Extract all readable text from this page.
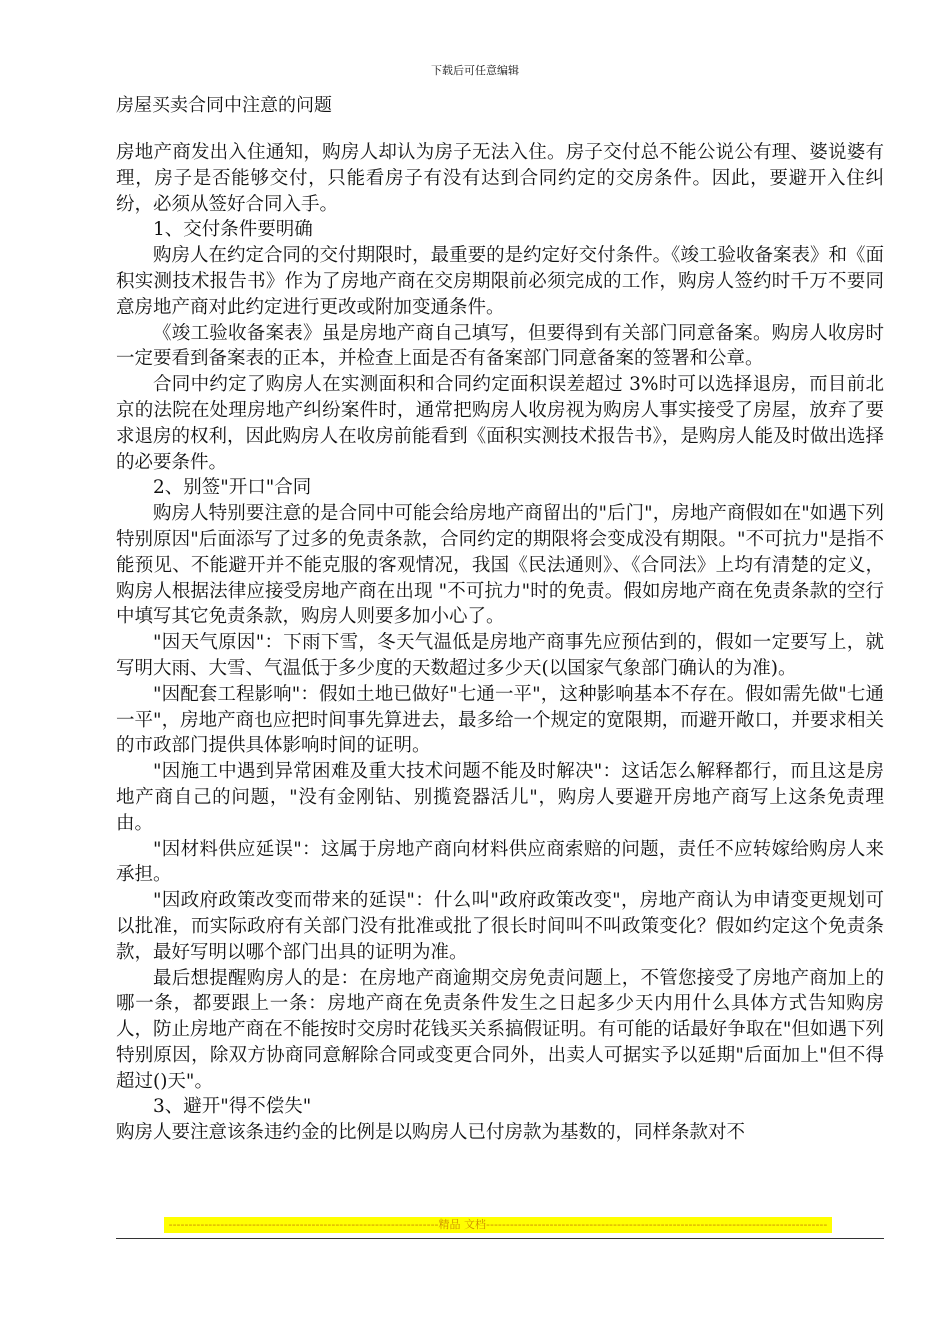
下载后可任意编辑
房屋买卖合同中注意的问题

房地产商发出入住通知，购房人却认为房子无法入住。房子交付总不能公说公有理、婆说婆有理，房子是否能够交付，只能看房子有没有达到合同约定的交房条件。因此，要避开入住纠纷，必须从签好合同入手。

1、交付条件要明确

购房人在约定合同的交付期限时，最重要的是约定好交付条件。《竣工验收备案表》和《面积实测技术报告书》作为了房地产商在交房期限前必须完成的工作，购房人签约时千万不要同意房地产商对此约定进行更改或附加变通条件。

《竣工验收备案表》虽是房地产商自己填写，但要得到有关部门同意备案。购房人收房时一定要看到备案表的正本，并检查上面是否有备案部门同意备案的签署和公章。

合同中约定了购房人在实测面积和合同约定面积误差超过 3%时可以选择退房，而目前北京的法院在处理房地产纠纷案件时，通常把购房人收房视为购房人事实接受了房屋，放弃了要求退房的权利，因此购房人在收房前能看到《面积实测技术报告书》，是购房人能及时做出选择的必要条件。

2、别签"开口"合同

购房人特别要注意的是合同中可能会给房地产商留出的"后门"，房地产商假如在"如遇下列特别原因"后面添写了过多的免责条款，合同约定的期限将会变成没有期限。"不可抗力"是指不能预见、不能避开并不能克服的客观情况，我国《民法通则》、《合同法》上均有清楚的定义，购房人根据法律应接受房地产商在出现 "不可抗力"时的免责。假如房地产商在免责条款的空行中填写其它免责条款，购房人则要多加小心了。

"因天气原因"：下雨下雪，冬天气温低是房地产商事先应预估到的，假如一定要写上，就写明大雨、大雪、气温低于多少度的天数超过多少天(以国家气象部门确认的为准)。

"因配套工程影响"：假如土地已做好"七通一平"，这种影响基本不存在。假如需先做"七通一平"，房地产商也应把时间事先算进去，最多给一个规定的宽限期，而避开敞口，并要求相关的市政部门提供具体影响时间的证明。

"因施工中遇到异常困难及重大技术问题不能及时解决"：这话怎么解释都行，而且这是房地产商自己的问题，"没有金刚钻、别揽瓷器活儿"，购房人要避开房地产商写上这条免责理由。

"因材料供应延误"：这属于房地产商向材料供应商索赔的问题，责任不应转嫁给购房人来承担。

"因政府政策改变而带来的延误"：什么叫"政府政策改变"，房地产商认为申请变更规划可以批准，而实际政府有关部门没有批准或批了很长时间叫不叫政策变化？假如约定这个免责条款，最好写明以哪个部门出具的证明为准。

最后想提醒购房人的是：在房地产商逾期交房免责问题上，不管您接受了房地产商加上的哪一条，都要跟上一条：房地产商在免责条件发生之日起多少天内用什么具体方式告知购房人，防止房地产商在不能按时交房时花钱买关系搞假证明。有可能的话最好争取在"但如遇下列特别原因，除双方协商同意解除合同或变更合同外，出卖人可据实予以延期"后面加上"但不得超过()天"。

3、避开"得不偿失"

购房人要注意该条违约金的比例是以购房人已付房款为基数的，同样条款对不

--------------------------------------------------------------------精品 文档--------------------------------------------------------------------------------------
